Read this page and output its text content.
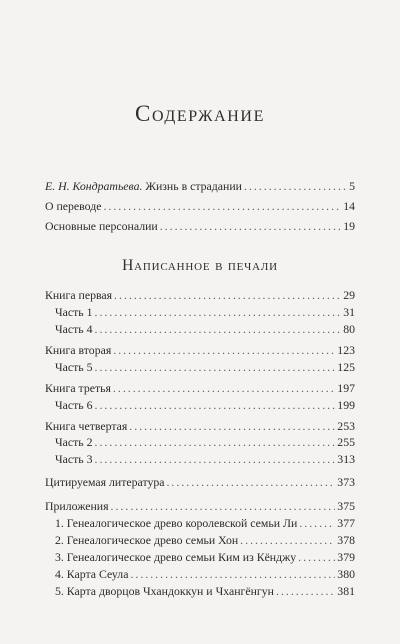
Содержание
Е. Н. Кондратьева. Жизнь в страдании .....	5
О переводе .....	14
Основные персоналии .....	19
Написанное в печали
Книга первая .....	29
Часть 1 .....	31
Часть 4 .....	80
Книга вторая .....	123
Часть 5 .....	125
Книга третья .....	197
Часть 6 .....	199
Книга четвертая .....	253
Часть 2 .....	255
Часть 3 .....	313
Цитируемая литература .....	373
Приложения .....	375
1. Генеалогическое древо королевской семьи Ли .....	377
2. Генеалогическое древо семьи Хон .....	378
3. Генеалогическое древо семьи Ким из Кёнджу .....	379
4. Карта Сеула .....	380
5. Карта дворцов Чхандоккун и Чхангёнгун .....	381
